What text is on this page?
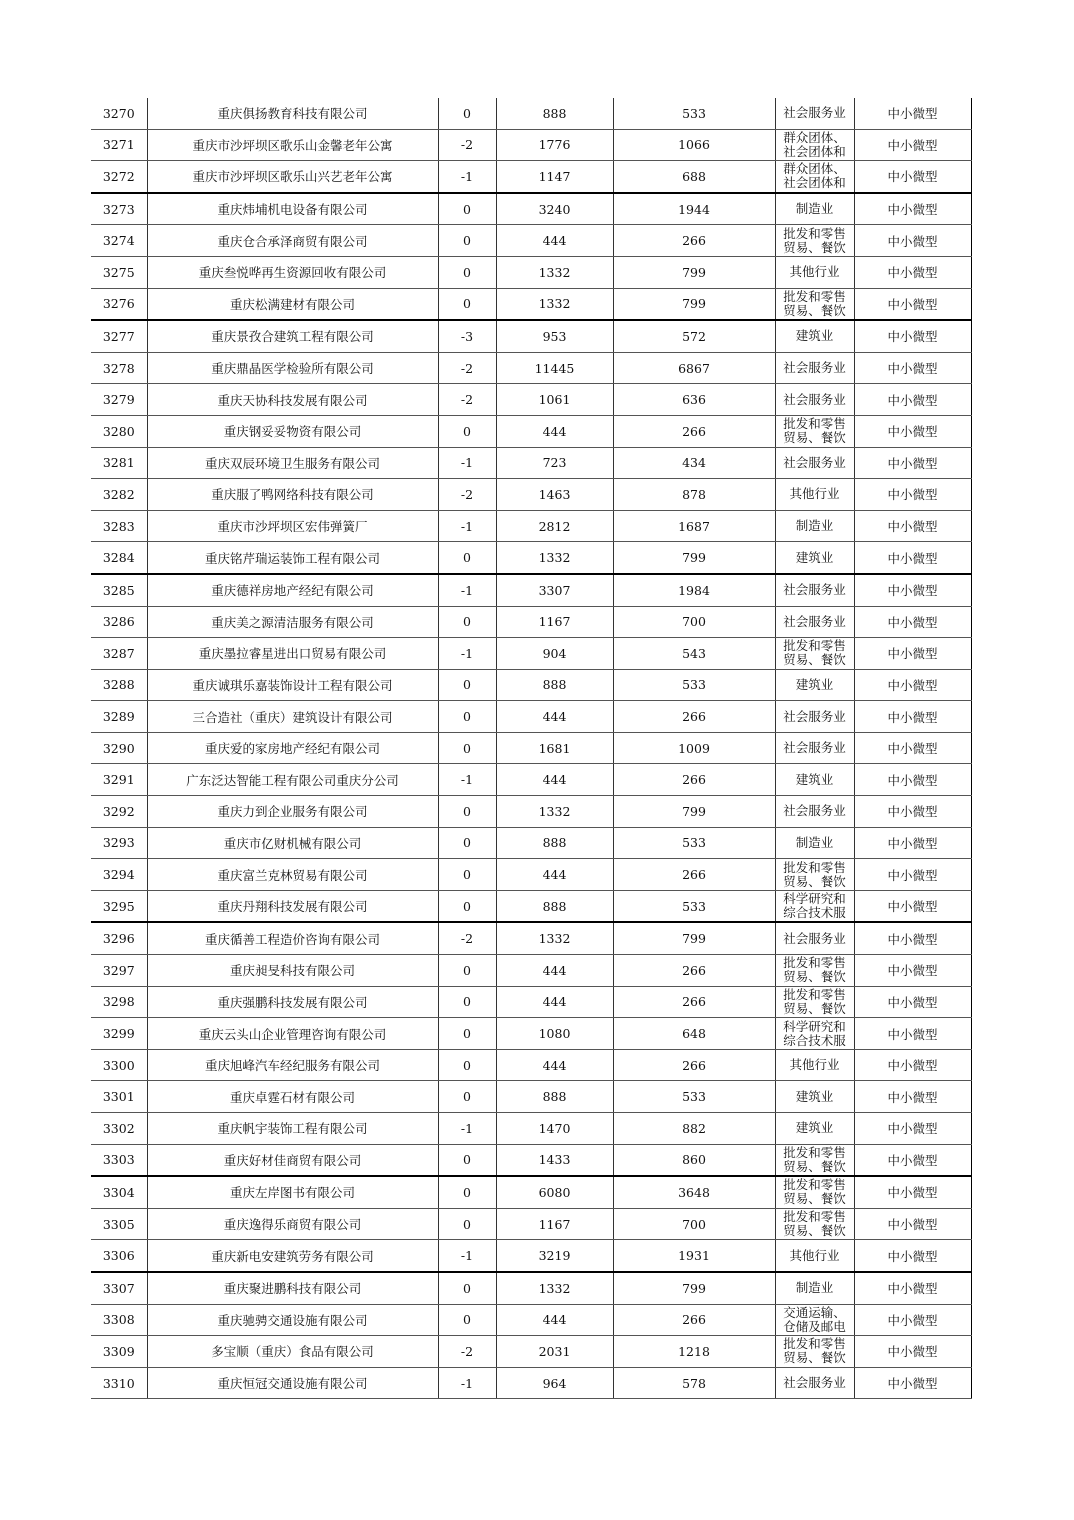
3270	重庆俱扬教育科技有限公司	0	888	533	社会服务业	中小微型
3271	重庆市沙坪坝区歌乐山金馨老年公寓	-2	1776	1066	群众团体、社会团体和	中小微型
3272	重庆市沙坪坝区歌乐山兴艺老年公寓	-1	1147	688	群众团体、社会团体和	中小微型
3273	重庆炜埔机电设备有限公司	0	3240	1944	制造业	中小微型
3274	重庆仓合承泽商贸有限公司	0	444	266	批发和零售贸易、餐饮	中小微型
3275	重庆叁悦哗再生资源回收有限公司	0	1332	799	其他行业	中小微型
3276	重庆松满建材有限公司	0	1332	799	批发和零售贸易、餐饮	中小微型
3277	重庆景孜合建筑工程有限公司	-3	953	572	建筑业	中小微型
3278	重庆鼎晶医学检验所有限公司	-2	11445	6867	社会服务业	中小微型
3279	重庆天协科技发展有限公司	-2	1061	636	社会服务业	中小微型
3280	重庆钢妥妥物资有限公司	0	444	266	批发和零售贸易、餐饮	中小微型
3281	重庆双辰环境卫生服务有限公司	-1	723	434	社会服务业	中小微型
3282	重庆服了鸭网络科技有限公司	-2	1463	878	其他行业	中小微型
3283	重庆市沙坪坝区宏伟弹簧厂	-1	2812	1687	制造业	中小微型
3284	重庆铭芹瑞运装饰工程有限公司	0	1332	799	建筑业	中小微型
3285	重庆德祥房地产经纪有限公司	-1	3307	1984	社会服务业	中小微型
3286	重庆美之源清洁服务有限公司	0	1167	700	社会服务业	中小微型
3287	重庆墨拉睿星进出口贸易有限公司	-1	904	543	批发和零售贸易、餐饮	中小微型
3288	重庆诚琪乐嘉装饰设计工程有限公司	0	888	533	建筑业	中小微型
3289	三合造社（重庆）建筑设计有限公司	0	444	266	社会服务业	中小微型
3290	重庆爱的家房地产经纪有限公司	0	1681	1009	社会服务业	中小微型
3291	广东泛达智能工程有限公司重庆分公司	-1	444	266	建筑业	中小微型
3292	重庆力到企业服务有限公司	0	1332	799	社会服务业	中小微型
3293	重庆市亿财机械有限公司	0	888	533	制造业	中小微型
3294	重庆富兰克林贸易有限公司	0	444	266	批发和零售贸易、餐饮	中小微型
3295	重庆丹翔科技发展有限公司	0	888	533	科学研究和综合技术服	中小微型
3296	重庆循善工程造价咨询有限公司	-2	1332	799	社会服务业	中小微型
3297	重庆昶旻科技有限公司	0	444	266	批发和零售贸易、餐饮	中小微型
3298	重庆强鹏科技发展有限公司	0	444	266	批发和零售贸易、餐饮	中小微型
3299	重庆云头山企业管理咨询有限公司	0	1080	648	科学研究和综合技术服	中小微型
3300	重庆旭峰汽车经纪服务有限公司	0	444	266	其他行业	中小微型
3301	重庆卓霆石材有限公司	0	888	533	建筑业	中小微型
3302	重庆帆宇装饰工程有限公司	-1	1470	882	建筑业	中小微型
3303	重庆好材佳商贸有限公司	0	1433	860	批发和零售贸易、餐饮	中小微型
3304	重庆左岸图书有限公司	0	6080	3648	批发和零售贸易、餐饮	中小微型
3305	重庆逸得乐商贸有限公司	0	1167	700	批发和零售贸易、餐饮	中小微型
3306	重庆新电安建筑劳务有限公司	-1	3219	1931	其他行业	中小微型
3307	重庆聚进鹏科技有限公司	0	1332	799	制造业	中小微型
3308	重庆驰骋交通设施有限公司	0	444	266	交通运输、仓储及邮电	中小微型
3309	多宝顺（重庆）食品有限公司	-2	2031	1218	批发和零售贸易、餐饮	中小微型
3310	重庆恒冠交通设施有限公司	-1	964	578	社会服务业	中小微型
